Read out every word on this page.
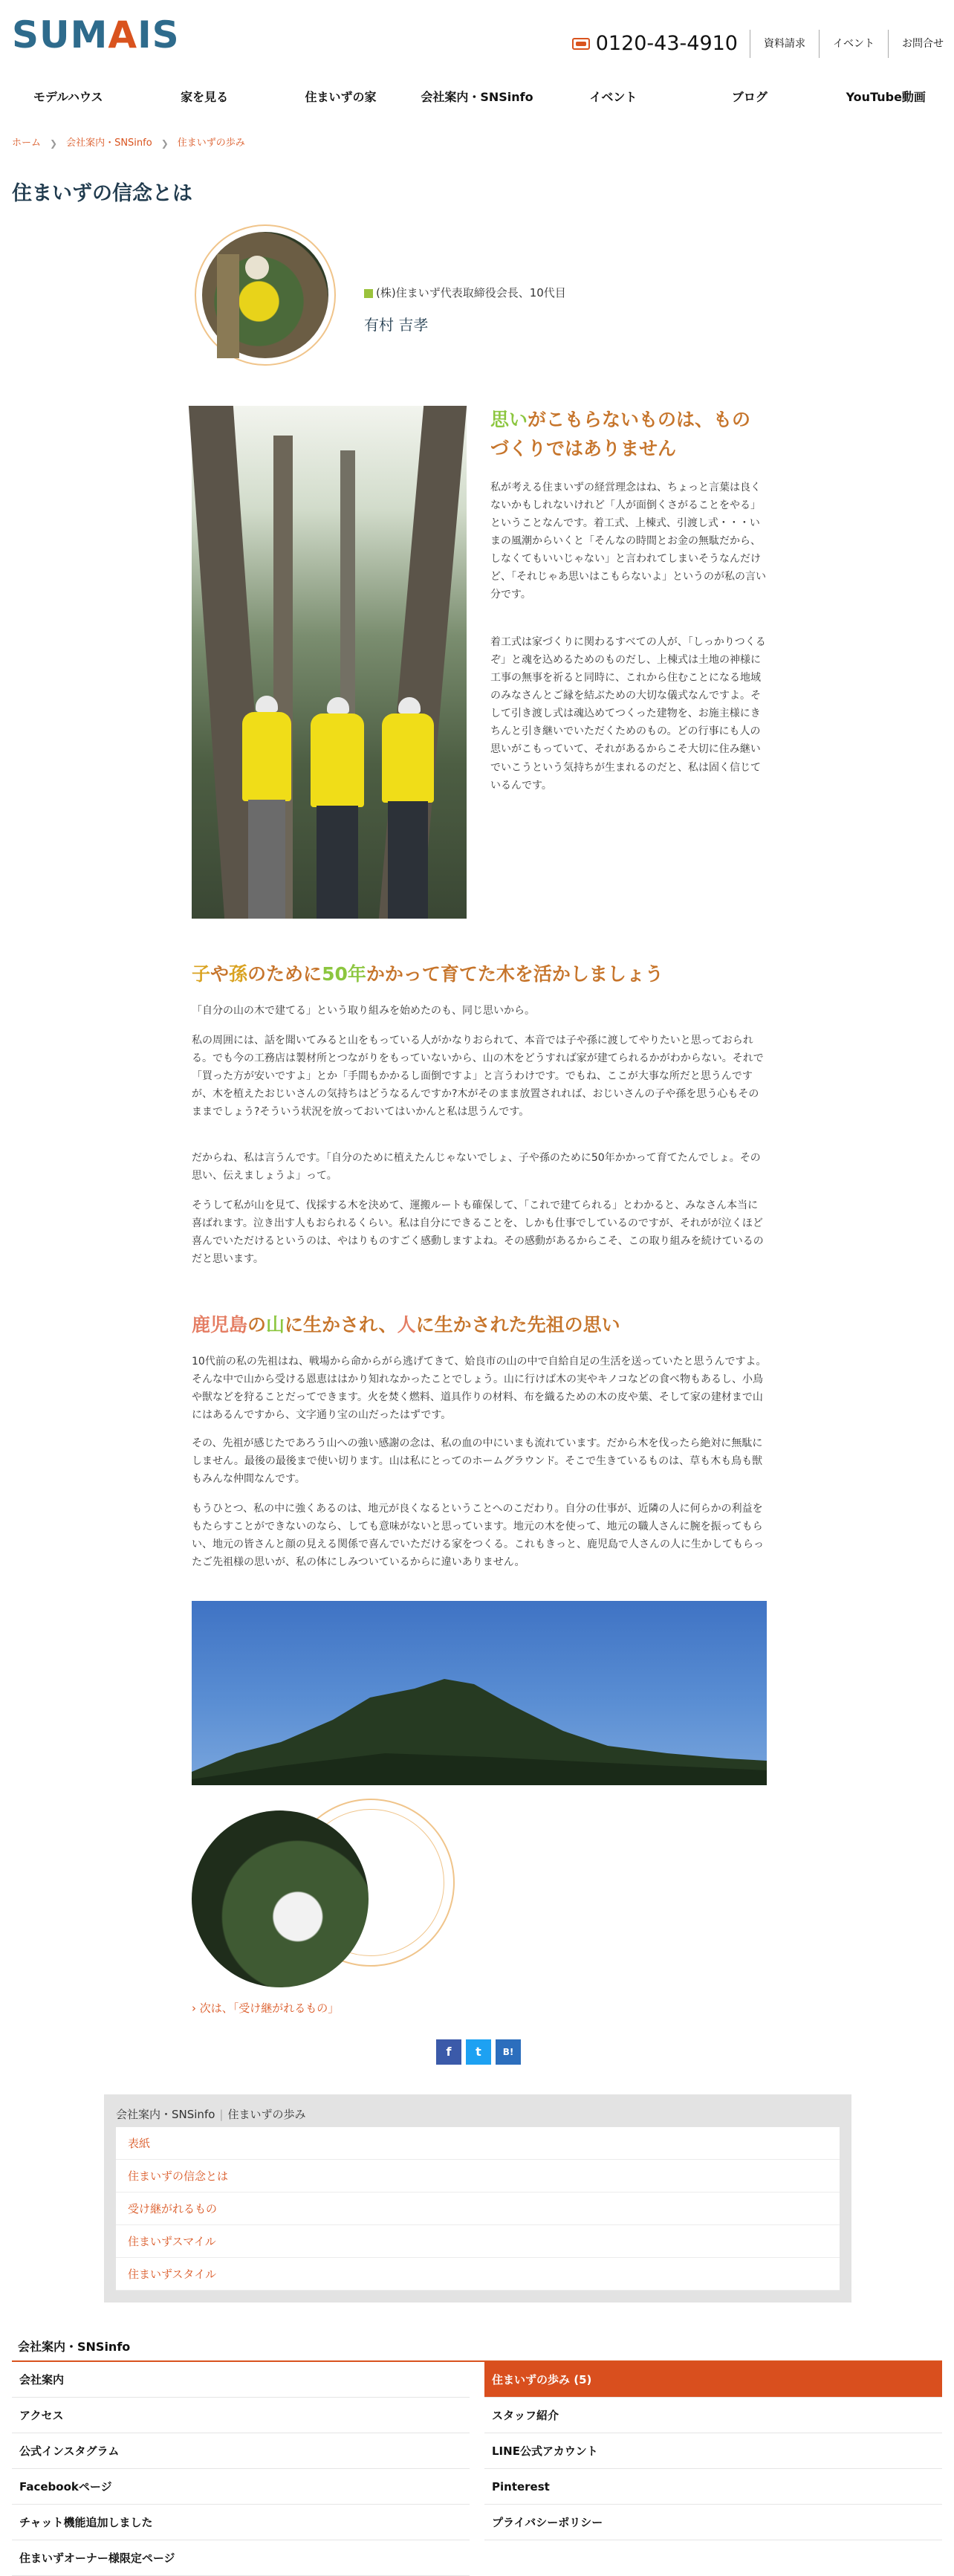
SUMAIS	0120-43-4910	資料請求	イベント	お問合せ
モデルハウス	家を見る	住まいずの家	会社案内・SNSinfo	イベント	ブログ	YouTube動画
ホーム ❯ 会社案内・SNSinfo ❯ 住まいずの歩み
住まいずの信念とは
(株)住まいず代表取締役会長、10代目
有村 吉孝
思いがこもらないものは、ものづくりではありません

私が考える住まいずの経営理念はね、ちょっと言葉は良くないかもしれないけれど「人が面倒くさがることをやる」ということなんです。着工式、上棟式、引渡し式・・・いまの風潮からいくと「そんなの時間とお金の無駄だから、しなくてもいいじゃない」と言われてしまいそうなんだけど、「それじゃあ思いはこもらないよ」というのが私の言い分です。

着工式は家づくりに関わるすべての人が、「しっかりつくるぞ」と魂を込めるためのものだし、上棟式は土地の神様に工事の無事を祈ると同時に、これから住むことになる地域のみなさんとご縁を結ぶための大切な儀式なんですよ。そして引き渡し式は魂込めてつくった建物を、お施主様にきちんと引き継いでいただくためのもの。どの行事にも人の思いがこもっていて、それがあるからこそ大切に住み継いでいこうという気持ちが生まれるのだと、私は固く信じているんです。

子や孫のために50年かかって育てた木を活かしましょう

「自分の山の木で建てる」という取り組みを始めたのも、同じ思いから。

私の周囲には、話を聞いてみると山をもっている人がかなりおられて、本音では子や孫に渡してやりたいと思っておられる。でも今の工務店は製材所とつながりをもっていないから、山の木をどうすれば家が建てられるかがわからない。それで「買った方が安いですよ」とか「手間もかかるし面倒ですよ」と言うわけです。でもね、ここが大事な所だと思うんですが、木を植えたおじいさんの気持ちはどうなるんですか?木がそのまま放置されれば、おじいさんの子や孫を思う心もそのままでしょう?そういう状況を放っておいてはいかんと私は思うんです。

だからね、私は言うんです。「自分のために植えたんじゃないでしょ、子や孫のために50年かかって育てたんでしょ。その思い、伝えましょうよ」って。

そうして私が山を見て、伐採する木を決めて、運搬ルートも確保して、「これで建てられる」とわかると、みなさん本当に喜ばれます。泣き出す人もおられるくらい。私は自分にできることを、しかも仕事でしているのですが、それがが泣くほど喜んでいただけるというのは、やはりものすごく感動しますよね。その感動があるからこそ、この取り組みを続けているのだと思います。

鹿児島の山に生かされ、人に生かされた先祖の思い

10代前の私の先祖はね、戦場から命からがら逃げてきて、姶良市の山の中で自給自足の生活を送っていたと思うんですよ。そんな中で山から受ける恩恵ははかり知れなかったことでしょう。山に行けば木の実やキノコなどの食べ物もあるし、小鳥や獣などを狩ることだってできます。火を焚く燃料、道具作りの材料、布を織るための木の皮や葉、そして家の建材まで山にはあるんですから、文字通り宝の山だったはずです。

その、先祖が感じたであろう山への強い感謝の念は、私の血の中にいまも流れています。だから木を伐ったら絶対に無駄にしません。最後の最後まで使い切ります。山は私にとってのホームグラウンド。そこで生きているものは、草も木も鳥も獣もみんな仲間なんです。

もうひとつ、私の中に強くあるのは、地元が良くなるということへのこだわり。自分の仕事が、近隣の人に何らかの利益をもたらすことができないのなら、しても意味がないと思っています。地元の木を使って、地元の職人さんに腕を振ってもらい、地元の皆さんと顔の見える関係で喜んでいただける家をつくる。これもきっと、鹿児島で人さんの人に生かしてもらったご先祖様の思いが、私の体にしみついているからに違いありません。

› 次は、「受け継がれるもの」
f	t	B!
会社案内・SNSinfo | 住まいずの歩み
表紙
住まいずの信念とは
受け継がれるもの
住まいずスマイル
住まいずスタイル
会社案内・SNSinfo
会社案内	住まいずの歩み (5)
アクセス	スタッフ紹介
公式インスタグラム	LINE公式アカウント
Facebookページ	Pinterest
チャット機能追加しました	プライバシーポリシー
住まいずオーナー様限定ページ
